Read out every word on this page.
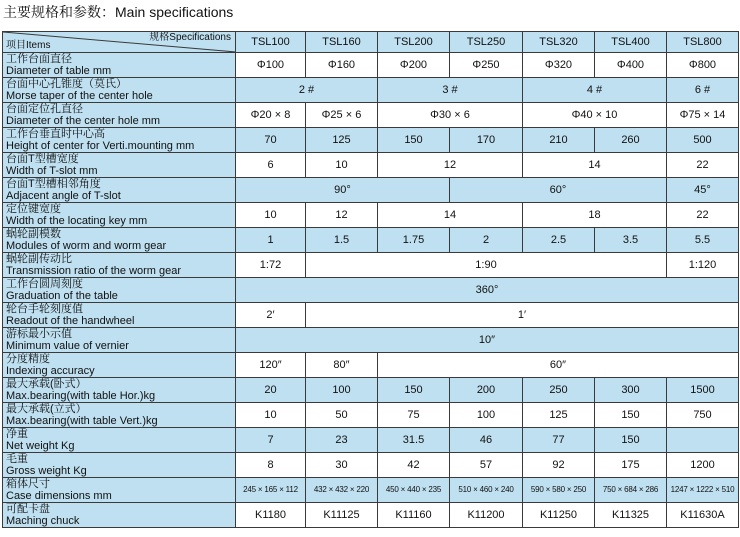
主要规格和参数：Main specifications
规格Specifications
项目Items	TSL100	TSL160	TSL200	TSL250	TSL320	TSL400	TSL800

工作台面直径
Diameter of table mm	Φ100	Φ160	Φ200	Φ250	Φ320	Φ400	Φ800

台面中心孔锥度（莫氏）
Morse taper of the center hole	2 #		3 #		4 #		6 #

台面定位孔直径
Diameter of the center hole mm	Φ20 × 8	Φ25 × 6	Φ30 × 6		Φ40 × 10		Φ75 × 14

工作台垂直时中心高
Height of center for Verti.mounting mm	70	125	150	170	210	260	500

台面T型槽宽度
Width of T-slot mm	6	10	12		14		22

台面T型槽相邻角度
Adjacent angle of T-slot	90°			60°			45°

定位键宽度
Width of the locating key mm	10	12	14		18		22

蜗轮副模数
Modules of worm and worm gear	1	1.5	1.75	2	2.5	3.5	5.5

蜗轮副传动比
Transmission ratio of the worm gear	1:72	1:90					1:120

工作台圆周刻度
Graduation of the table	360°						

轮台手轮刻度值
Readout of the handwheel	2′	1′					

游标最小示值
Minimum value of vernier	10″						

分度精度
Indexing accuracy	120″	80″	60″				

最大承载(卧式）
Max.bearing(with table Hor.)kg	20	100	150	200	250	300	1500

最大承载(立式）
Max.bearing(with table Vert.)kg	10	50	75	100	125	150	750

净重
Net weight Kg	7	23	31.5	46	77	150	

毛重
Gross weight Kg	8	30	42	57	92	175	1200

箱体尺寸
Case dimensions mm	245 × 165 × 112	432 × 432 × 220	450 × 440 × 235	510 × 460 × 240	590 × 580 × 250	750 × 684 × 286	1247 × 1222 × 510

可配卡盘
Maching chuck	K1180	K11125	K11160	K11200	K11250	K11325	K11630A
